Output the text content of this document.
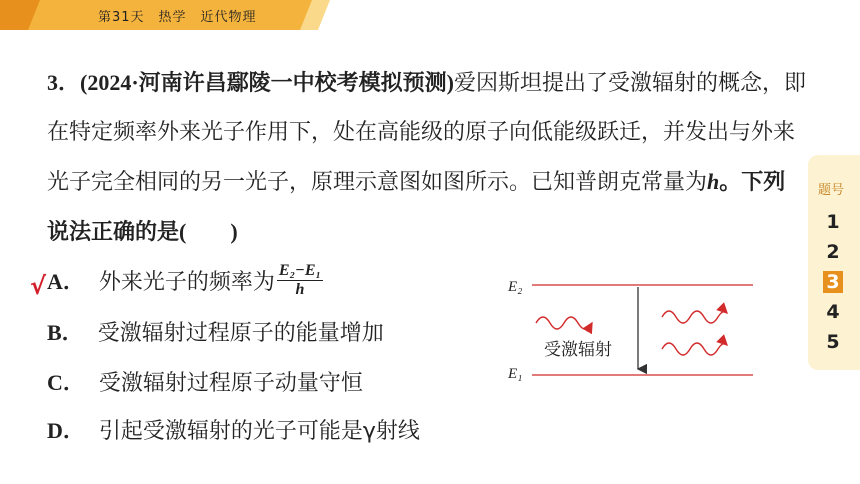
第31天　热学　近代物理
3．(2024·河南许昌鄢陵一中校考模拟预测)爱因斯坦提出了受激辐射的概念，即在特定频率外来光子作用下，处在高能级的原子向低能级跃迁，并发出与外来光子完全相同的另一光子，原理示意图如图所示。已知普朗克常量为h。下列说法正确的是(　　)
√ A． 外来光子的频率为 $\frac{\text{E₂−E₁}}{h}$
B． 受激辐射过程原子的能量增加
C． 受激辐射过程原子动量守恒
D． 引起受激辐射的光子可能是γ射线
E₂
E₁
受激辐射
题号
1
2
3
4
5
